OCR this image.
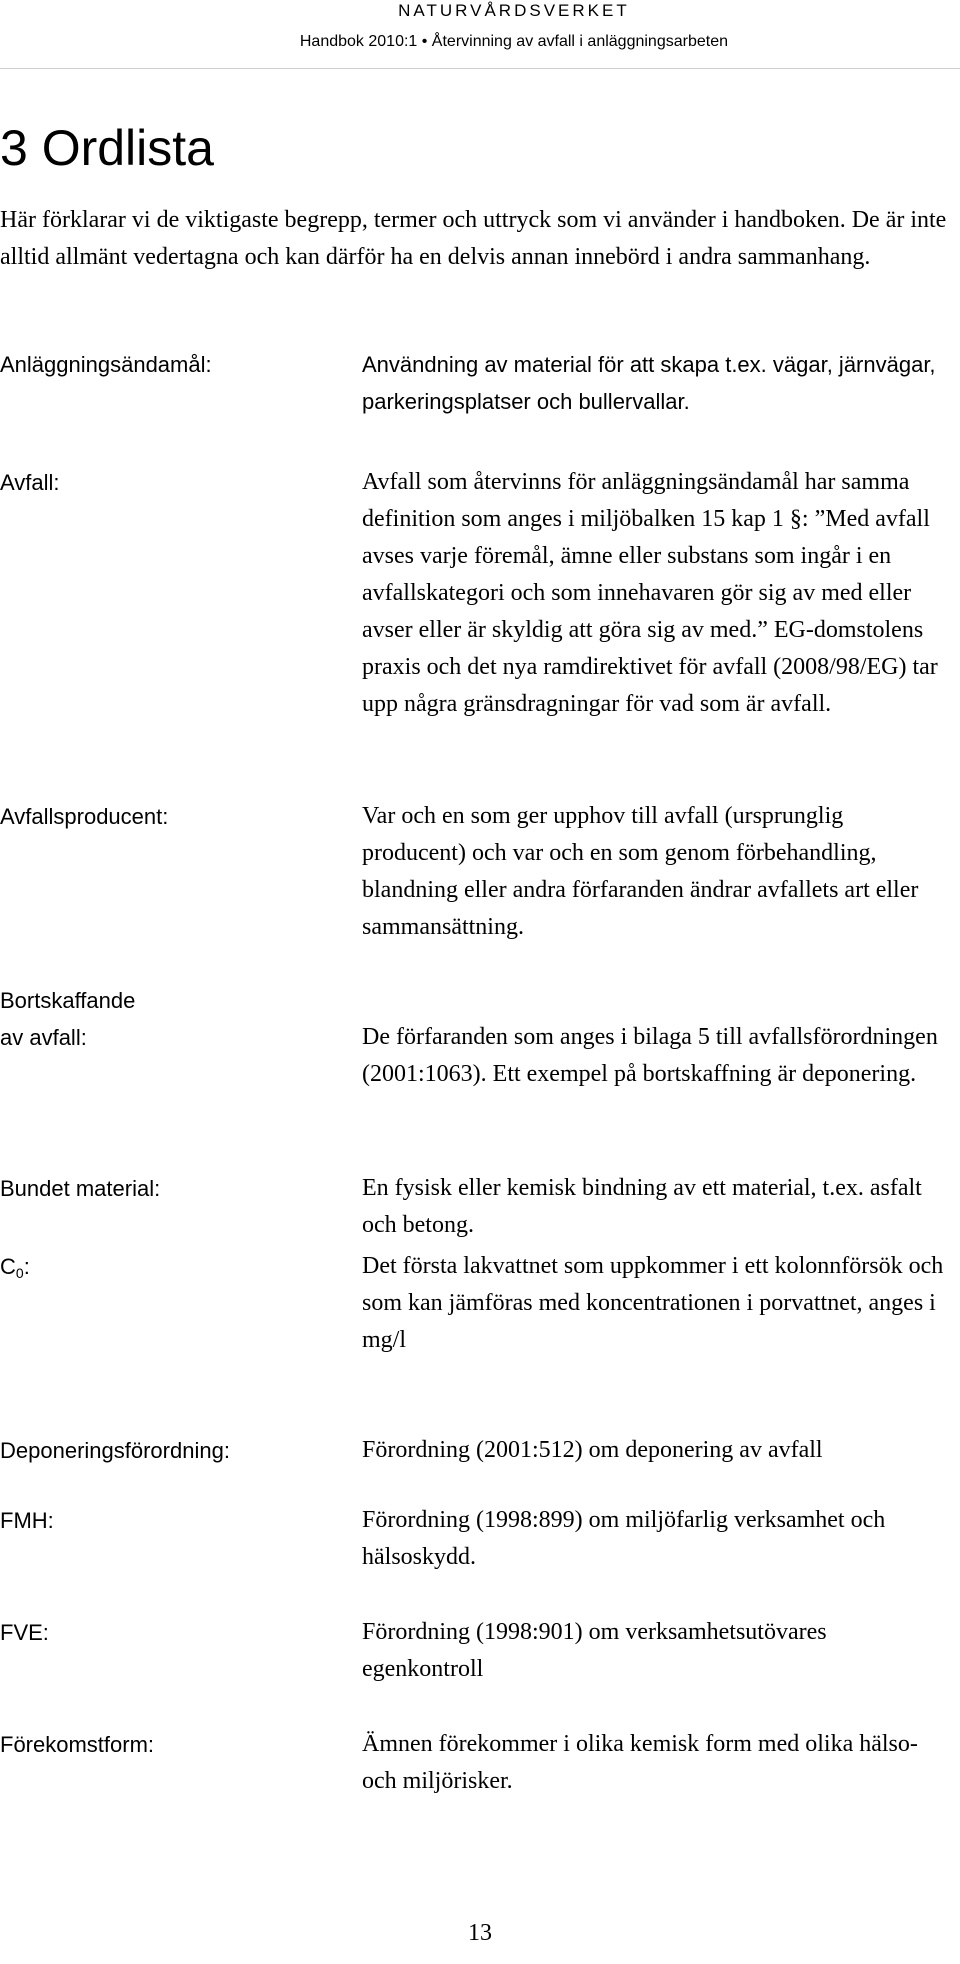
NATURVÅRDSVERKET
Handbok 2010:1 • Återvinning av avfall i anläggningsarbeten
3 Ordlista

Här förklarar vi de viktigaste begrepp, termer och uttryck som vi använder i handboken. De är inte alltid allmänt vedertagna och kan därför ha en delvis annan innebörd i andra sammanhang.

Anläggningsändamål:	Användning av material för att skapa t.ex. vägar, järnvägar, parkeringsplatser och bullervallar.
Avfall:	Avfall som återvinns för anläggningsändamål har samma definition som anges i miljöbalken 15 kap 1 §: ”Med avfall avses varje föremål, ämne eller substans som ingår i en avfallskategori och som innehavaren gör sig av med eller avser eller är skyldig att göra sig av med.” EG-domstolens praxis och det nya ramdirektivet för avfall (2008/98/EG) tar upp några gränsdragningar för vad som är avfall.
Avfallsproducent:	Var och en som ger upphov till avfall (ursprunglig producent) och var och en som genom förbehandling, blandning eller andra förfaranden ändrar avfallets art eller sammansättning.
Bortskaffande
av avfall:	De förfaranden som anges i bilaga 5 till avfallsförordningen (2001:1063). Ett exempel på bortskaffning är deponering.
Bundet material:	En fysisk eller kemisk bindning av ett material, t.ex. asfalt och betong.
$C_0$:	Det första lakvattnet som uppkommer i ett kolonnförsök och som kan jämföras med koncentrationen i porvattnet, anges i mg/l
Deponeringsförordning:	Förordning (2001:512) om deponering av avfall
FMH:	Förordning (1998:899) om miljöfarlig verksamhet och hälsoskydd.
FVE:	Förordning (1998:901) om verksamhetsutövares egenkontroll
Förekomstform:	Ämnen förekommer i olika kemisk form med olika hälso- och miljörisker.
13
